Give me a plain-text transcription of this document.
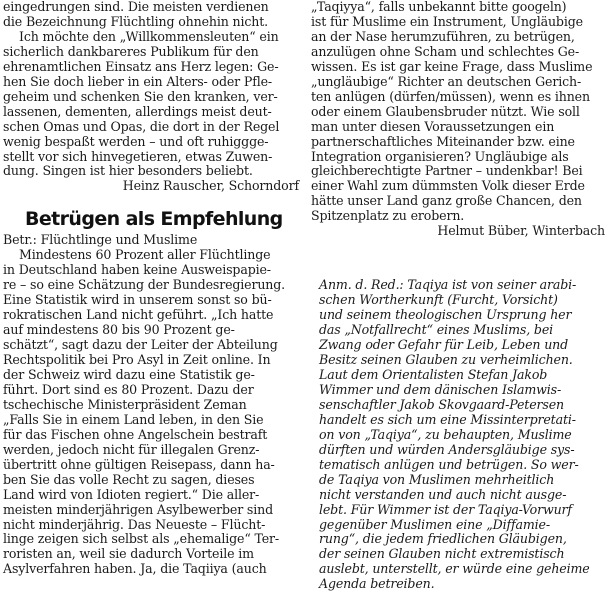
eingedrungen sind. Die meisten verdienen
die Bezeichnung Flüchtling ohnehin nicht.

Ich möchte den „Willkommensleuten“ ein
sicherlich dankbareres Publikum für den
ehrenamtlichen Einsatz ans Herz legen: Ge-
hen Sie doch lieber in ein Alters- oder Pfle-
geheim und schenken Sie den kranken, ver-
lassenen, dementen, allerdings meist deut-
schen Omas und Opas, die dort in der Regel
wenig bespaßt werden – und oft ruhiggge-
stellt vor sich hinvegetieren, etwas Zuwen-
dung. Singen ist hier besonders beliebt.

Heinz Rauscher, Schorndorf

Betrügen als Empfehlung

Betr.: Flüchtlinge und Muslime

Mindestens 60 Prozent aller Flüchtlinge
in Deutschland haben keine Ausweispapie-
re – so eine Schätzung der Bundesregierung.
Eine Statistik wird in unserem sonst so bü-
rokratischen Land nicht geführt. „Ich hatte
auf mindestens 80 bis 90 Prozent ge-
schätzt“, sagt dazu der Leiter der Abteilung
Rechtspolitik bei Pro Asyl in Zeit online. In
der Schweiz wird dazu eine Statistik ge-
führt. Dort sind es 80 Prozent. Dazu der
tschechische Ministerpräsident Zeman
„Falls Sie in einem Land leben, in den Sie
für das Fischen ohne Angelschein bestraft
werden, jedoch nicht für illegalen Grenz-
übertritt ohne gültigen Reisepass, dann ha-
ben Sie das volle Recht zu sagen, dieses
Land wird von Idioten regiert.“ Die aller-
meisten minderjährigen Asylbewerber sind
nicht minderjährig. Das Neueste – Flücht-
linge zeigen sich selbst als „ehemalige“ Ter-
roristen an, weil sie dadurch Vorteile im
Asylverfahren haben. Ja, die Taqiiya (auch

„Taqiyya“, falls unbekannt bitte googeln)
ist für Muslime ein Instrument, Ungläubige
an der Nase herumzuführen, zu betrügen,
anzulügen ohne Scham und schlechtes Ge-
wissen. Es ist gar keine Frage, dass Muslime
„ungläubige“ Richter an deutschen Gerich-
ten anlügen (dürfen/müssen), wenn es ihnen
oder einem Glaubensbruder nützt. Wie soll
man unter diesen Voraussetzungen ein
partnerschaftliches Miteinander bzw. eine
Integration organisieren? Ungläubige als
gleichberechtigte Partner – undenkbar! Bei
einer Wahl zum dümmsten Volk dieser Erde
hätte unser Land ganz große Chancen, den
Spitzenplatz zu erobern.

Helmut Büber, Winterbach

Anm. d. Red.: Taqiya ist von seiner arabi-
schen Wortherkunft (Furcht, Vorsicht)
und seinem theologischen Ursprung her
das „Notfallrecht“ eines Muslims, bei
Zwang oder Gefahr für Leib, Leben und
Besitz seinen Glauben zu verheimlichen.
Laut dem Orientalisten Stefan Jakob
Wimmer und dem dänischen Islamwis-
senschaftler Jakob Skovgaard-Petersen
handelt es sich um eine Missinterpretati-
on von „Taqiya“, zu behaupten, Muslime
dürften und würden Andersgläubige sys-
tematisch anlügen und betrügen. So wer-
de Taqiya von Muslimen mehrheitlich
nicht verstanden und auch nicht ausge-
lebt. Für Wimmer ist der Taqiya-Vorwurf
gegenüber Muslimen eine „Diffamie-
rung“, die jedem friedlichen Gläubigen,
der seinen Glauben nicht extremistisch
auslebt, unterstellt, er würde eine geheime
Agenda betreiben.
